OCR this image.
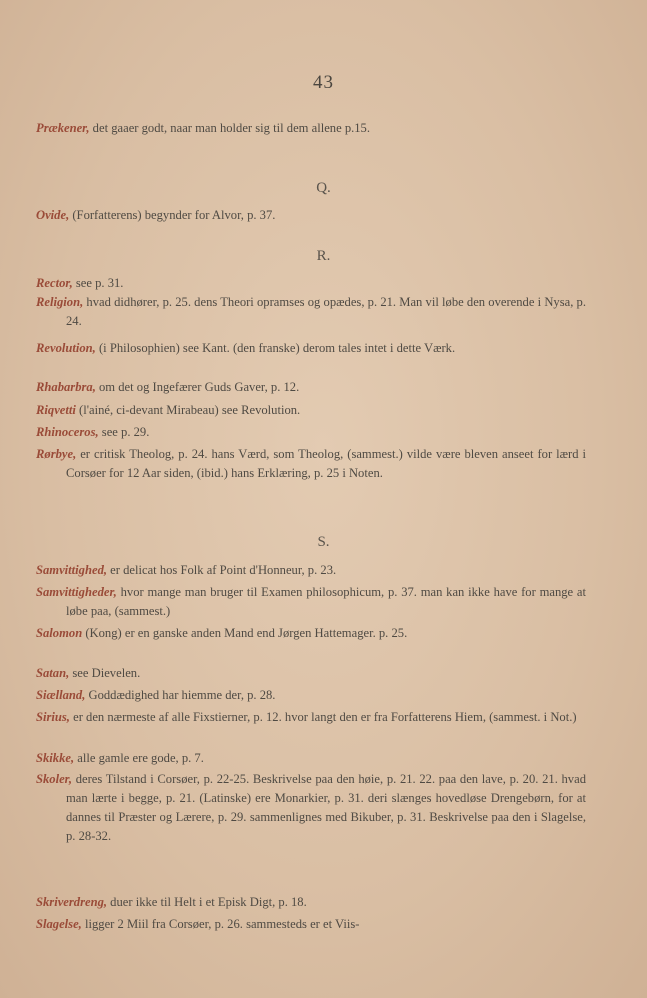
43
Prækener, det gaaer godt, naar man holder sig til dem allene p.15.
Q.
Ovide, (Forfatterens) begynder for Alvor, p. 37.
R.
Rector, see p. 31.
Religion, hvad didhører, p. 25. dens Theori opramses og opædes, p. 21. Man vil løbe den overende i Nysa, p. 24.
Revolution, (i Philosophien) see Kant. (den franske) derom tales intet i dette Værk.
Rhabarbra, om det og Ingefærer Guds Gaver, p. 12.
Riqvetti (l'ainé, ci-devant Mirabeau) see Revolution.
Rhinoceros, see p. 29.
Rørbye, er critisk Theolog, p. 24. hans Værd, som Theolog, (sammest.) vilde være bleven anseet for lærd i Corsøer for 12 Aar siden, (ibid.) hans Erklæring, p. 25 i Noten.
S.
Samvittighed, er delicat hos Folk af Point d'Honneur, p. 23.
Samvittigheder, hvor mange man bruger til Examen philosophicum, p. 37. man kan ikke have for mange at løbe paa, (sammest.)
Salomon (Kong) er en ganske anden Mand end Jørgen Hattemager. p. 25.
Satan, see Dievelen.
Siælland, Goddædighed har hiemme der, p. 28.
Sirius, er den nærmeste af alle Fixstierner, p. 12. hvor langt den er fra Forfatterens Hiem, (sammest. i Not.)
Skikke, alle gamle ere gode, p. 7.
Skoler, deres Tilstand i Corsøer, p. 22-25. Beskrivelse paa den høie, p. 21. 22. paa den lave, p. 20. 21. hvad man lærte i begge, p. 21. (Latinske) ere Monarkier, p. 31. deri slænges hovedløse Drengebørn, for at dannes til Præster og Lærere, p. 29. sammenlignes med Bikuber, p. 31. Beskrivelse paa den i Slagelse, p. 28-32.
Skriverdreng, duer ikke til Helt i et Episk Digt, p. 18.
Slagelse, ligger 2 Miil fra Corsøer, p. 26. sammesteds er et Viis-
